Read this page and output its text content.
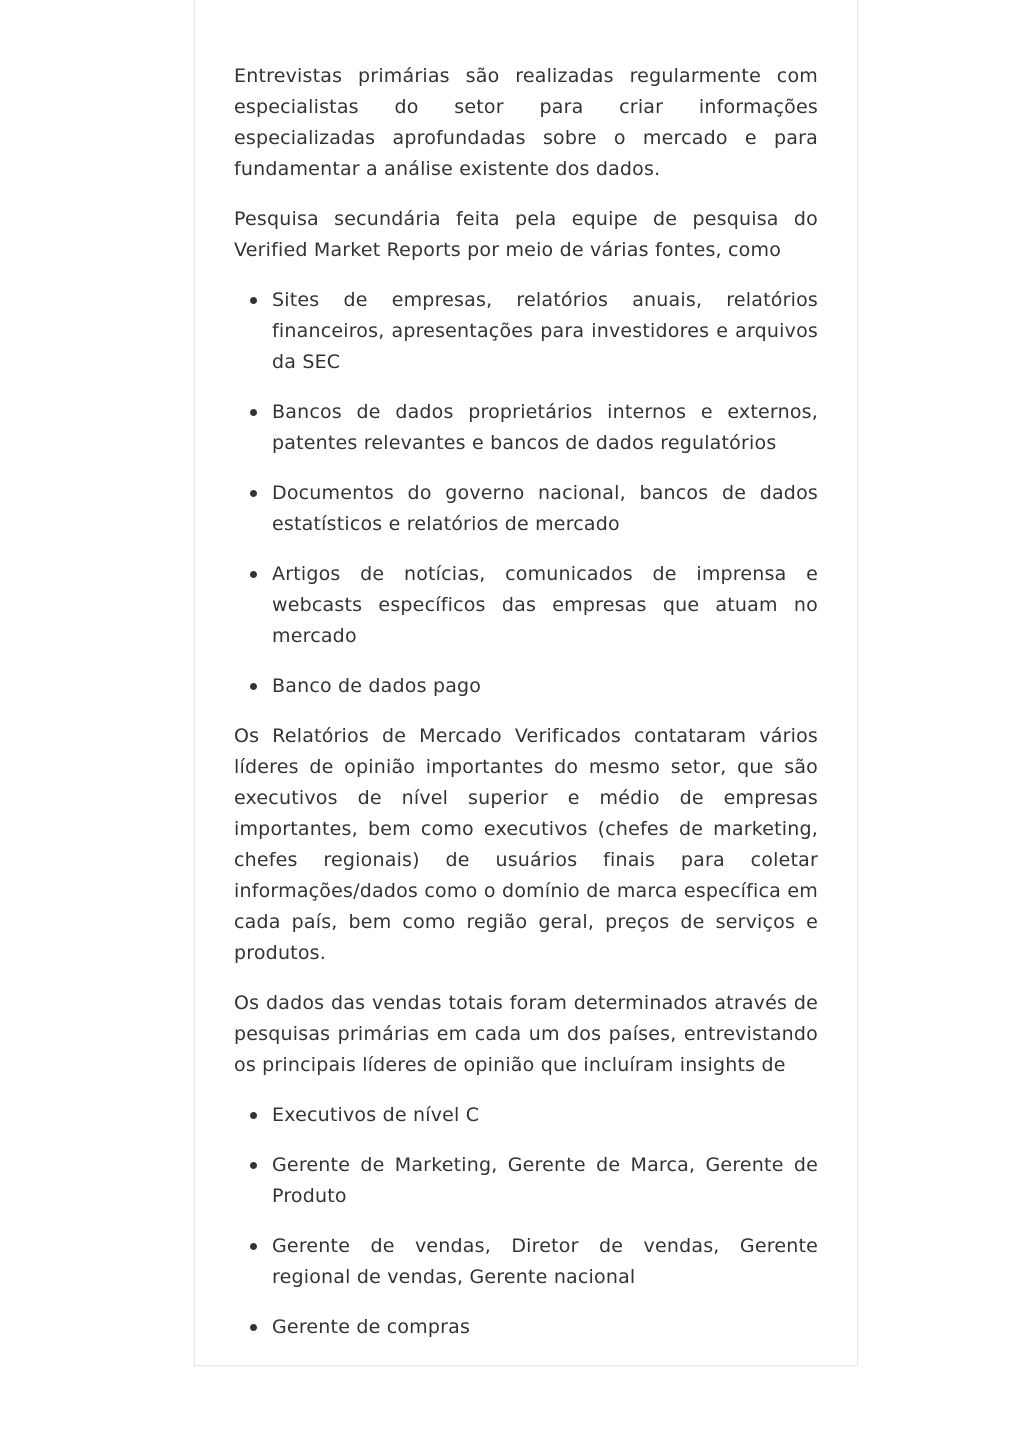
Entrevistas primárias são realizadas regularmente com especialistas do setor para criar informações especializadas aprofundadas sobre o mercado e para fundamentar a análise existente dos dados.

Pesquisa secundária feita pela equipe de pesquisa do Verified Market Reports por meio de várias fontes, como

Sites de empresas, relatórios anuais, relatórios financeiros, apresentações para investidores e arquivos da SEC
Bancos de dados proprietários internos e externos, patentes relevantes e bancos de dados regulatórios
Documentos do governo nacional, bancos de dados estatísticos e relatórios de mercado
Artigos de notícias, comunicados de imprensa e webcasts específicos das empresas que atuam no mercado
Banco de dados pago

Os Relatórios de Mercado Verificados contataram vários líderes de opinião importantes do mesmo setor, que são executivos de nível superior e médio de empresas importantes, bem como executivos (chefes de marketing, chefes regionais) de usuários finais para coletar informações/dados como o domínio de marca específica em cada país, bem como região geral, preços de serviços e produtos.

Os dados das vendas totais foram determinados através de pesquisas primárias em cada um dos países, entrevistando os principais líderes de opinião que incluíram insights de

Executivos de nível C
Gerente de Marketing, Gerente de Marca, Gerente de Produto
Gerente de vendas, Diretor de vendas, Gerente regional de vendas, Gerente nacional
Gerente de compras
